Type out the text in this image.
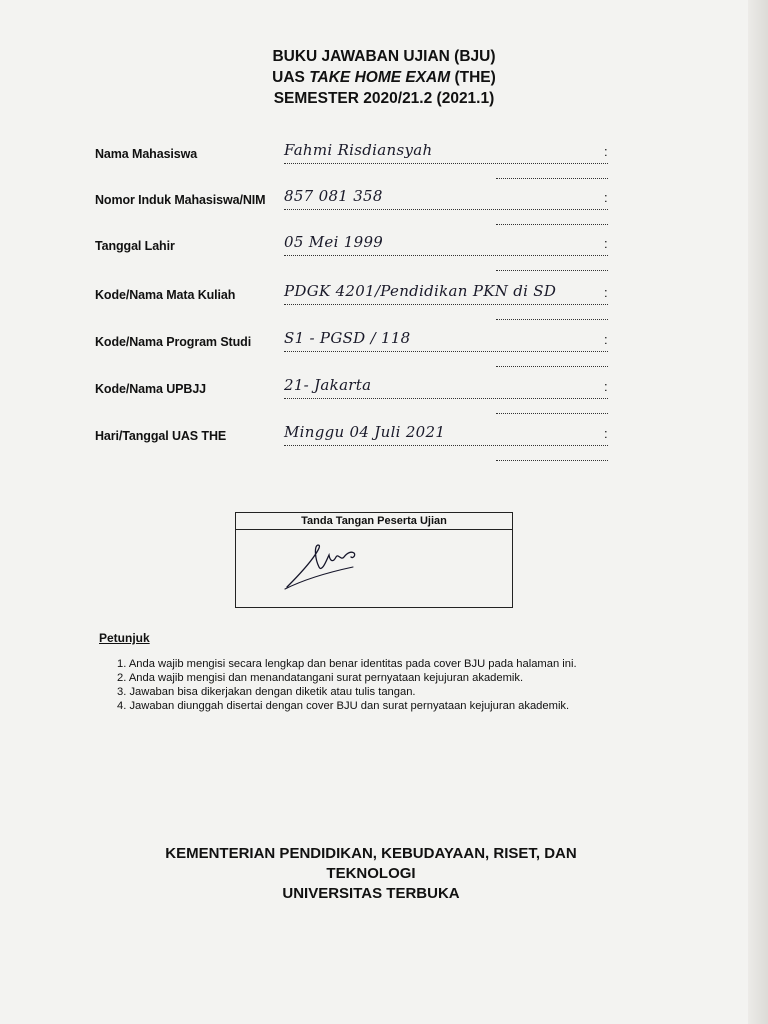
BUKU JAWABAN UJIAN (BJU)
UAS TAKE HOME EXAM (THE)
SEMESTER 2020/21.2 (2021.1)
Nama Mahasiswa	Fahmi Risdiansyah	:
Nomor Induk Mahasiswa/NIM 857 081 358	:
Tanggal Lahir	05 Mei 1999	:
Kode/Nama Mata Kuliah	PDGK 4201/Pendidikan PKN di SD	:
Kode/Nama Program Studi S1 - PGSD / 118	:
Kode/Nama UPBJJ	21- Jakarta	:
Hari/Tanggal UAS THE	Minggu 04 Juli 2021	:
Tanda Tangan Peserta Ujian
Petunjuk
1. Anda wajib mengisi secara lengkap dan benar identitas pada cover BJU pada halaman ini.
2. Anda wajib mengisi dan menandatangani surat pernyataan kejujuran akademik.
3. Jawaban bisa dikerjakan dengan diketik atau tulis tangan.
4. Jawaban diunggah disertai dengan cover BJU dan surat pernyataan kejujuran akademik.
KEMENTERIAN PENDIDIKAN, KEBUDAYAAN, RISET, DAN
TEKNOLOGI
UNIVERSITAS TERBUKA
